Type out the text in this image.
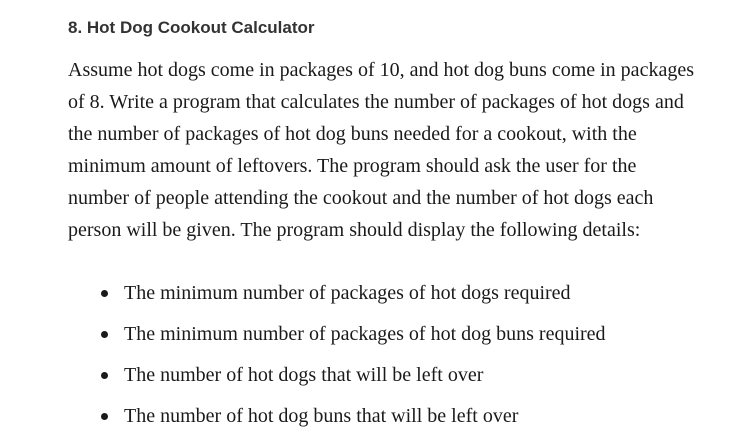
8. Hot Dog Cookout Calculator

Assume hot dogs come in packages of 10, and hot dog buns come in packages
of 8. Write a program that calculates the number of packages of hot dogs and
the number of packages of hot dog buns needed for a cookout, with the
minimum amount of leftovers. The program should ask the user for the
number of people attending the cookout and the number of hot dogs each
person will be given. The program should display the following details:

The minimum number of packages of hot dogs required
The minimum number of packages of hot dog buns required
The number of hot dogs that will be left over
The number of hot dog buns that will be left over
